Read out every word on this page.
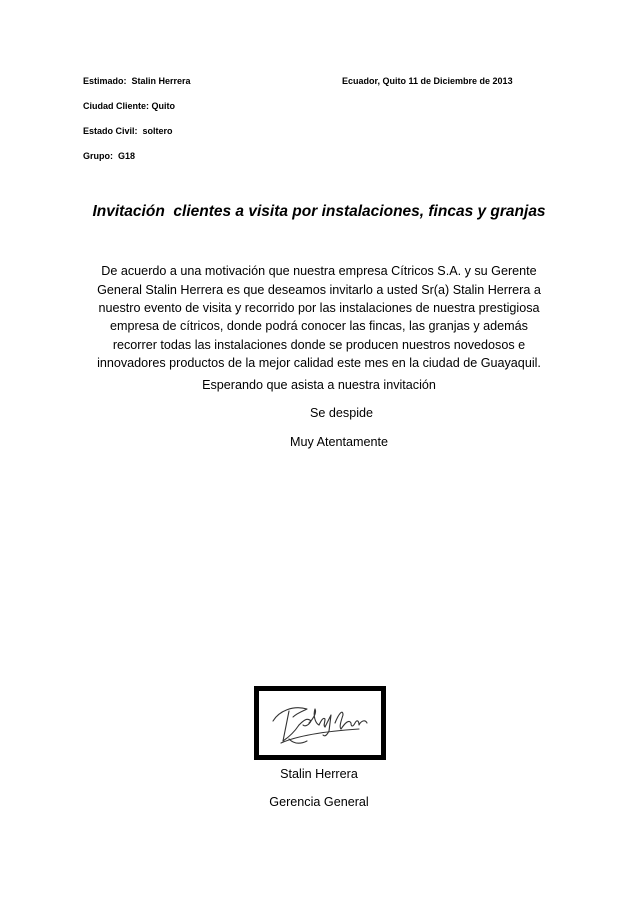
Estimado:  Stalin Herrera	Ecuador, Quito 11 de Diciembre de 2013
Ciudad Cliente: Quito
Estado Civil:  soltero
Grupo:  G18
Invitación  clientes a visita por instalaciones, fincas y granjas
De acuerdo a una motivación que nuestra empresa Cítricos S.A. y su Gerente
General Stalin Herrera es que deseamos invitarlo a usted Sr(a) Stalin Herrera a
nuestro evento de visita y recorrido por las instalaciones de nuestra prestigiosa
empresa de cítricos, donde podrá conocer las fincas, las granjas y además
recorrer todas las instalaciones donde se producen nuestros novedosos e
innovadores productos de la mejor calidad este mes en la ciudad de Guayaquil.
Esperando que asista a nuestra invitación
Se despide
Muy Atentamente
Stalin Herrera
Gerencia General
